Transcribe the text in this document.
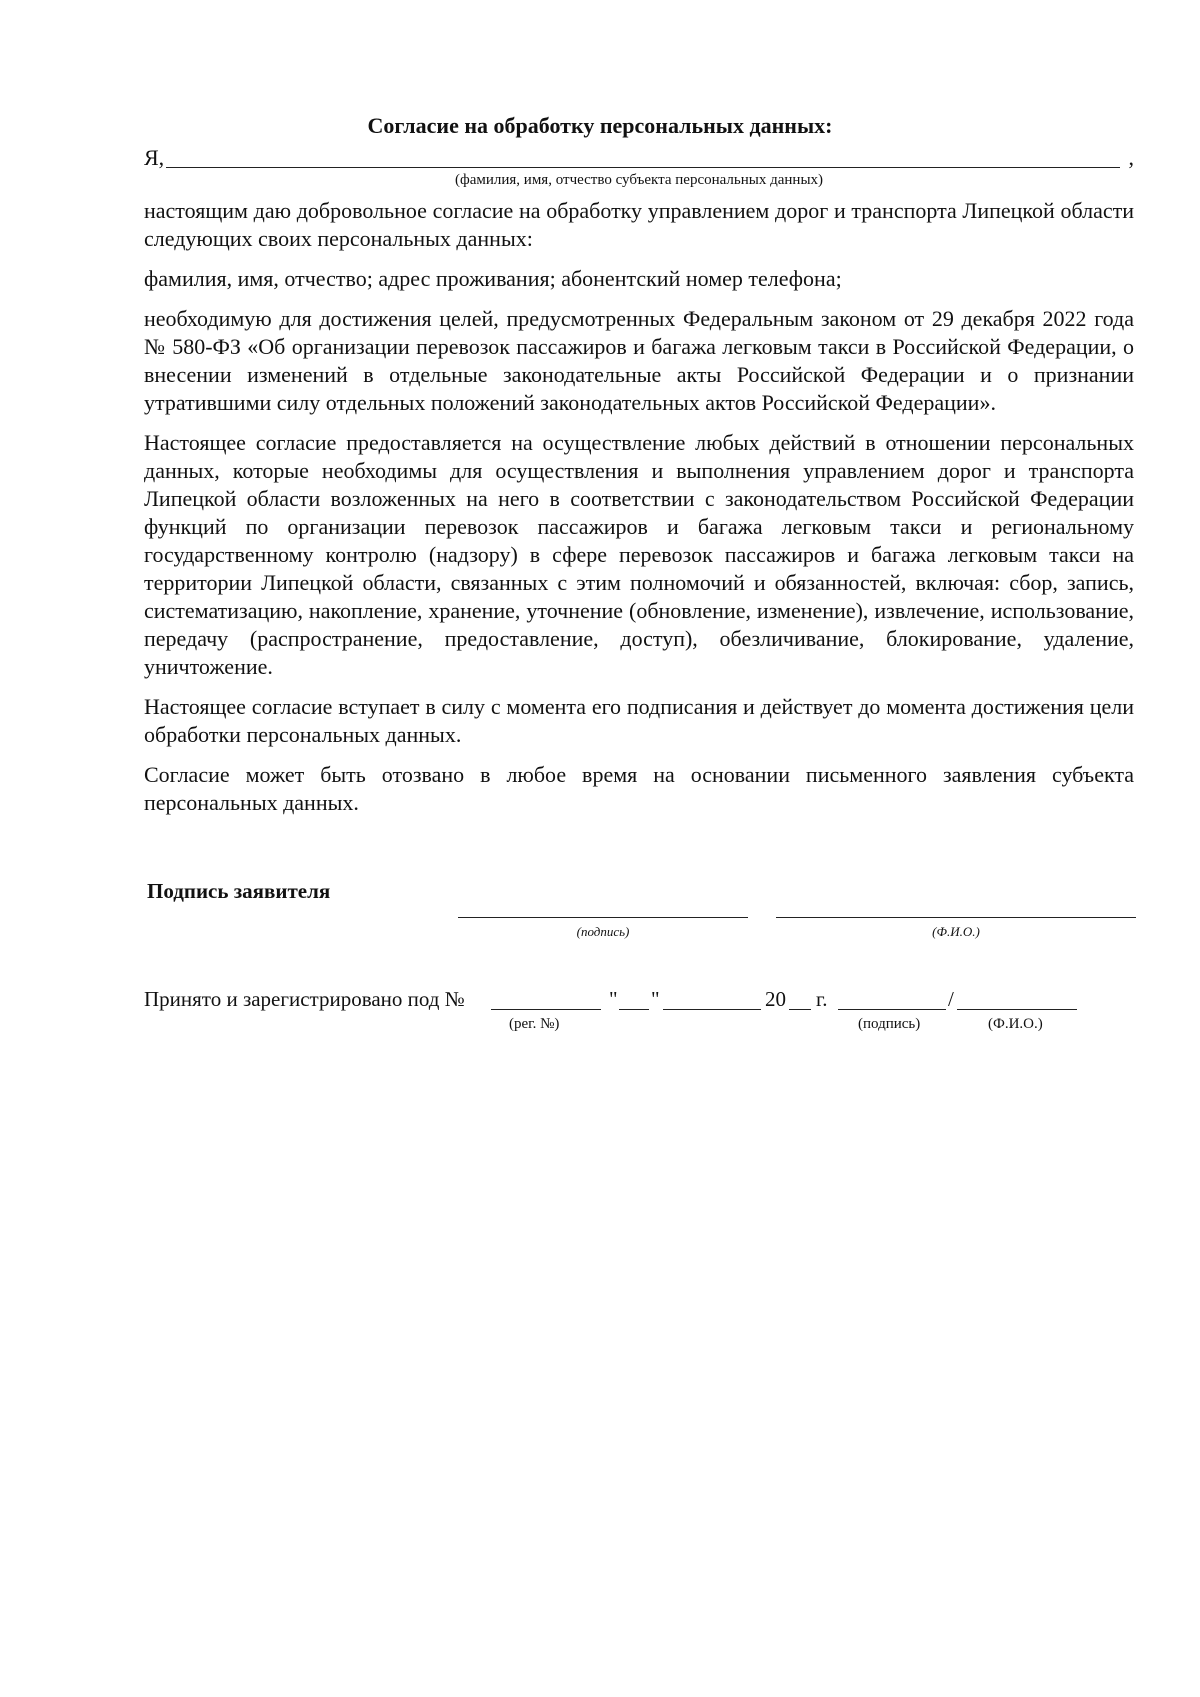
Согласие на обработку персональных данных:
Я,	,
(фамилия, имя, отчество субъекта персональных данных)

настоящим даю добровольное согласие на обработку управлением дорог и транспорта Липецкой области следующих своих персональных данных:

фамилия, имя, отчество; адрес проживания; абонентский номер телефона;

необходимую для достижения целей, предусмотренных Федеральным законом от 29 декабря 2022 года № 580-ФЗ «Об организации перевозок пассажиров и багажа легковым такси в Российской Федерации, о внесении изменений в отдельные законодательные акты Российской Федерации и о признании утратившими силу отдельных положений законодательных актов Российской Федерации».

Настоящее согласие предоставляется на осуществление любых действий в отношении персональных данных, которые необходимы для осуществления и выполнения управлением дорог и транспорта Липецкой области возложенных на него в соответствии с законодательством Российской Федерации функций по организации перевозок пассажиров и багажа легковым такси и региональному государственному контролю (надзору) в сфере перевозок пассажиров и багажа легковым такси на территории Липецкой области, связанных с этим полномочий и обязанностей, включая: сбор, запись, систематизацию, накопление, хранение, уточнение (обновление, изменение), извлечение, использование, передачу (распространение, предоставление, доступ), обезличивание, блокирование, удаление, уничтожение.

Настоящее согласие вступает в силу с момента его подписания и действует до момента достижения цели обработки персональных данных.

Согласие может быть отозвано в любое время на основании письменного заявления субъекта персональных данных.

Подпись заявителя
(подпись)	(Ф.И.О.)
Принято и зарегистрировано под №	" "	20 г.	/
(рег. №)	(подпись)	(Ф.И.О.)
